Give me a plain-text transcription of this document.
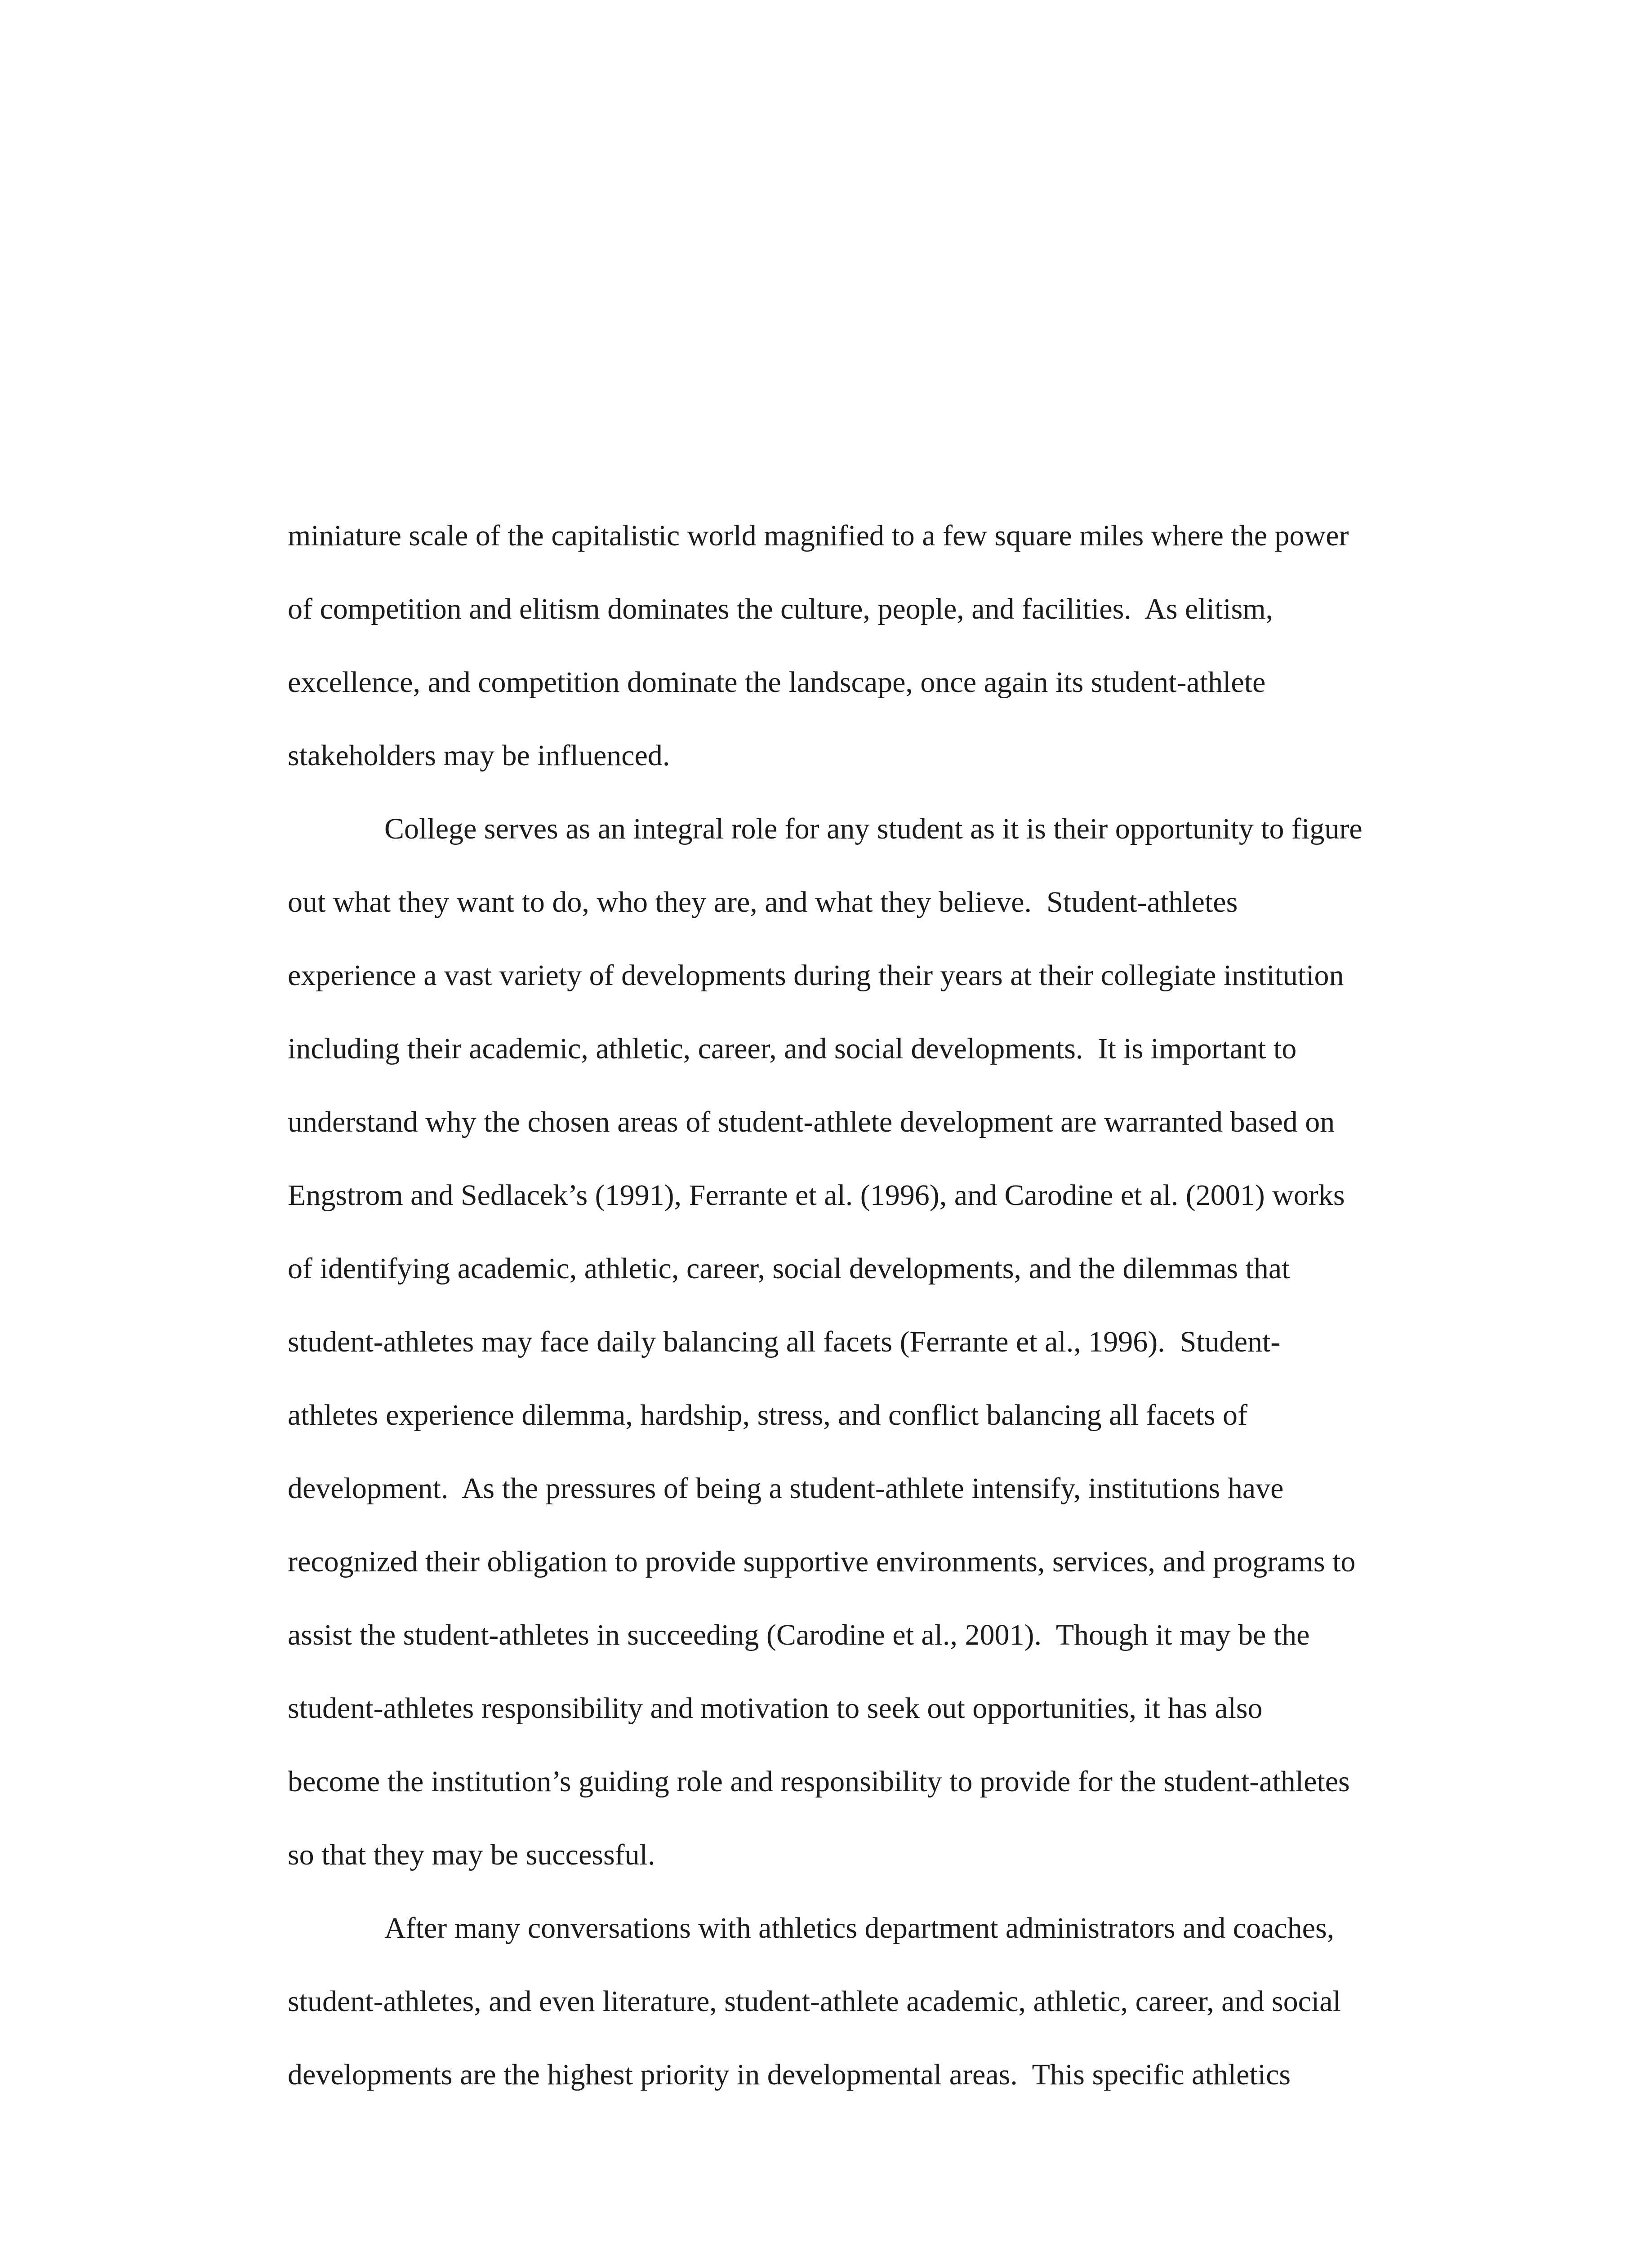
miniature scale of the capitalistic world magnified to a few square miles where the power

of competition and elitism dominates the culture, people, and facilities.  As elitism,

excellence, and competition dominate the landscape, once again its student-athlete

stakeholders may be influenced.

College serves as an integral role for any student as it is their opportunity to figure

out what they want to do, who they are, and what they believe.  Student-athletes

experience a vast variety of developments during their years at their collegiate institution

including their academic, athletic, career, and social developments.  It is important to

understand why the chosen areas of student-athlete development are warranted based on

Engstrom and Sedlacek’s (1991), Ferrante et al. (1996), and Carodine et al. (2001) works

of identifying academic, athletic, career, social developments, and the dilemmas that

student-athletes may face daily balancing all facets (Ferrante et al., 1996).  Student-

athletes experience dilemma, hardship, stress, and conflict balancing all facets of

development.  As the pressures of being a student-athlete intensify, institutions have

recognized their obligation to provide supportive environments, services, and programs to

assist the student-athletes in succeeding (Carodine et al., 2001).  Though it may be the

student-athletes responsibility and motivation to seek out opportunities, it has also

become the institution’s guiding role and responsibility to provide for the student-athletes

so that they may be successful.

After many conversations with athletics department administrators and coaches,

student-athletes, and even literature, student-athlete academic, athletic, career, and social

developments are the highest priority in developmental areas.  This specific athletics
